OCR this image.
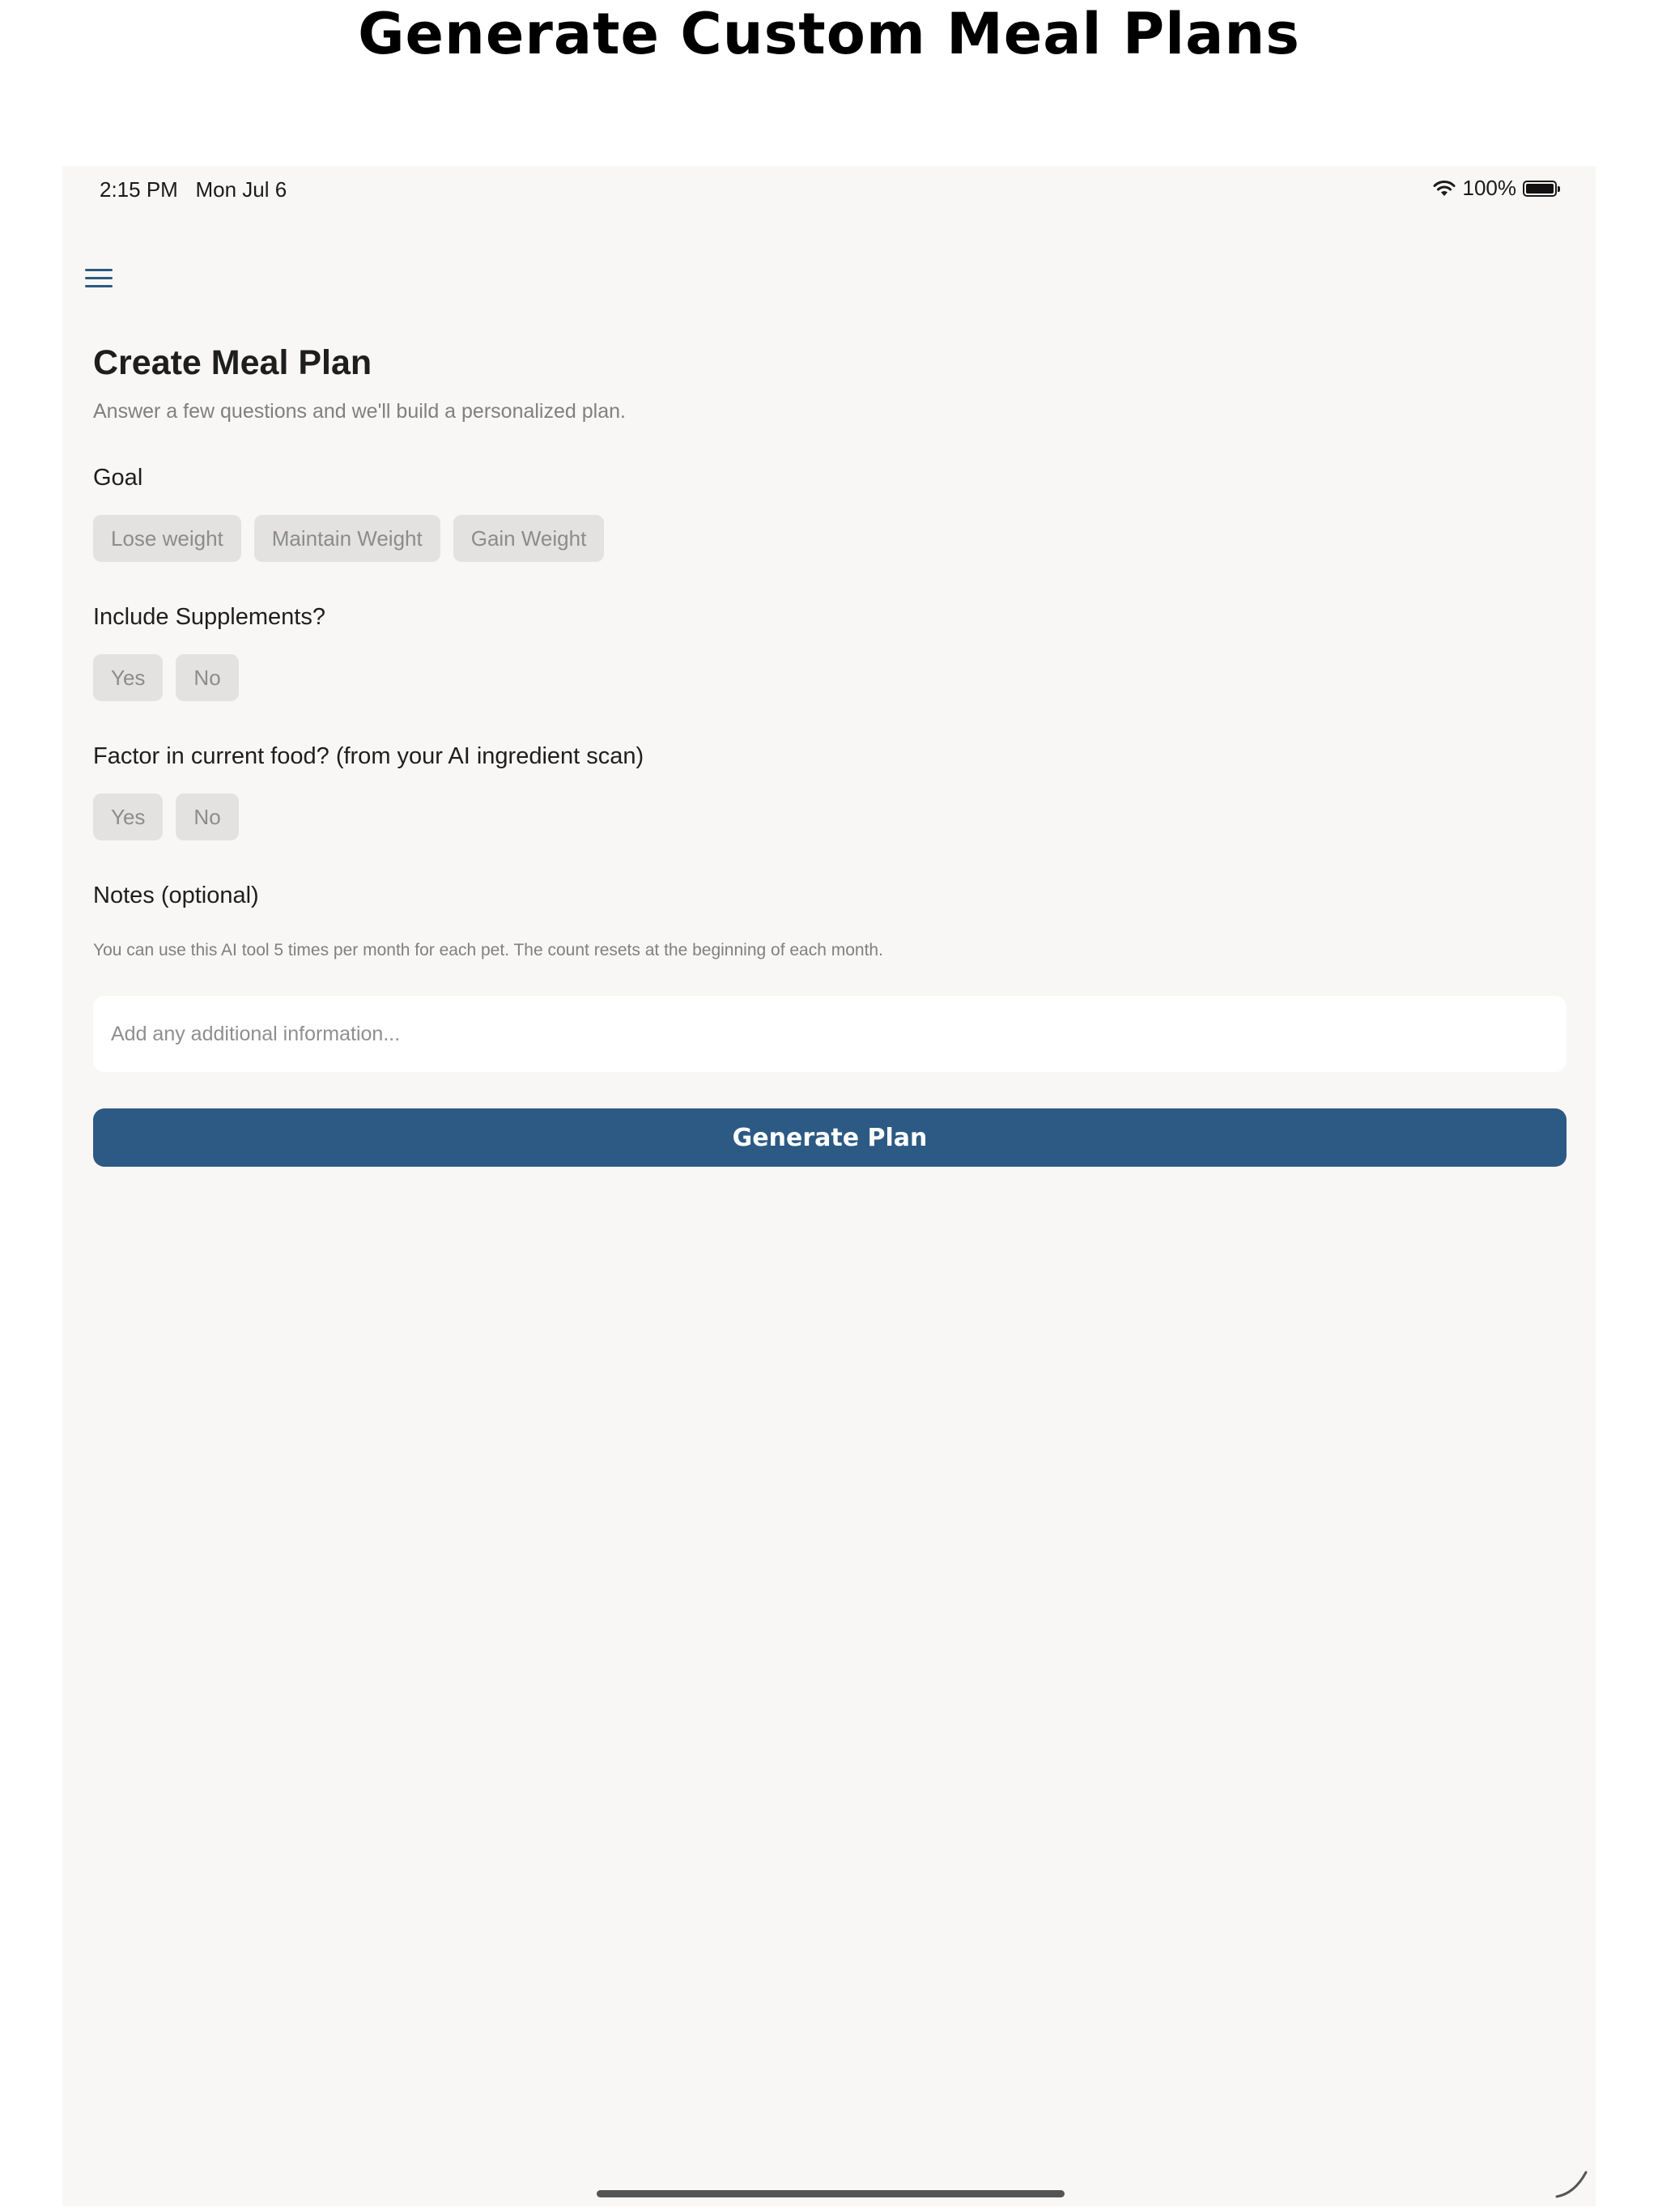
Generate Custom Meal Plans
2:15 PM Mon Jul 6	100%
Create Meal Plan
Answer a few questions and we'll build a personalized plan.
Goal
Lose weight	Maintain Weight	Gain Weight
Include Supplements?
Yes	No
Factor in current food? (from your AI ingredient scan)
Yes	No
Notes (optional)
You can use this AI tool 5 times per month for each pet. The count resets at the beginning of each month.
Add any additional information...
Generate Plan
